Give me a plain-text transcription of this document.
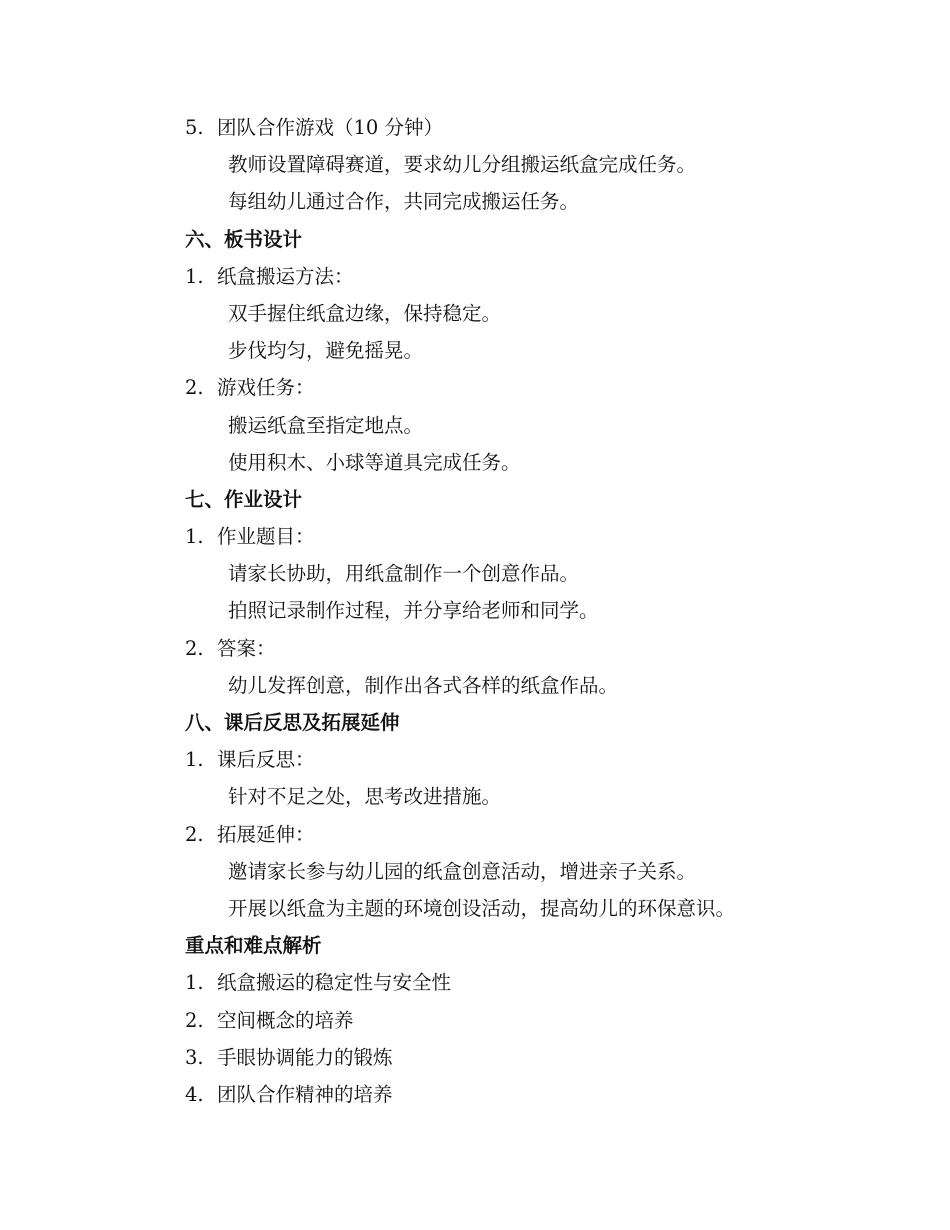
5. 团队合作游戏（10 分钟）
教师设置障碍赛道，要求幼儿分组搬运纸盒完成任务。
每组幼儿通过合作，共同完成搬运任务。
六、板书设计
1. 纸盒搬运方法：
双手握住纸盒边缘，保持稳定。
步伐均匀，避免摇晃。
2. 游戏任务：
搬运纸盒至指定地点。
使用积木、小球等道具完成任务。
七、作业设计
1. 作业题目：
请家长协助，用纸盒制作一个创意作品。
拍照记录制作过程，并分享给老师和同学。
2. 答案：
幼儿发挥创意，制作出各式各样的纸盒作品。
八、课后反思及拓展延伸
1. 课后反思：
针对不足之处，思考改进措施。
2. 拓展延伸：
邀请家长参与幼儿园的纸盒创意活动，增进亲子关系。
开展以纸盒为主题的环境创设活动，提高幼儿的环保意识。
重点和难点解析
1. 纸盒搬运的稳定性与安全性
2. 空间概念的培养
3. 手眼协调能力的锻炼
4. 团队合作精神的培养
